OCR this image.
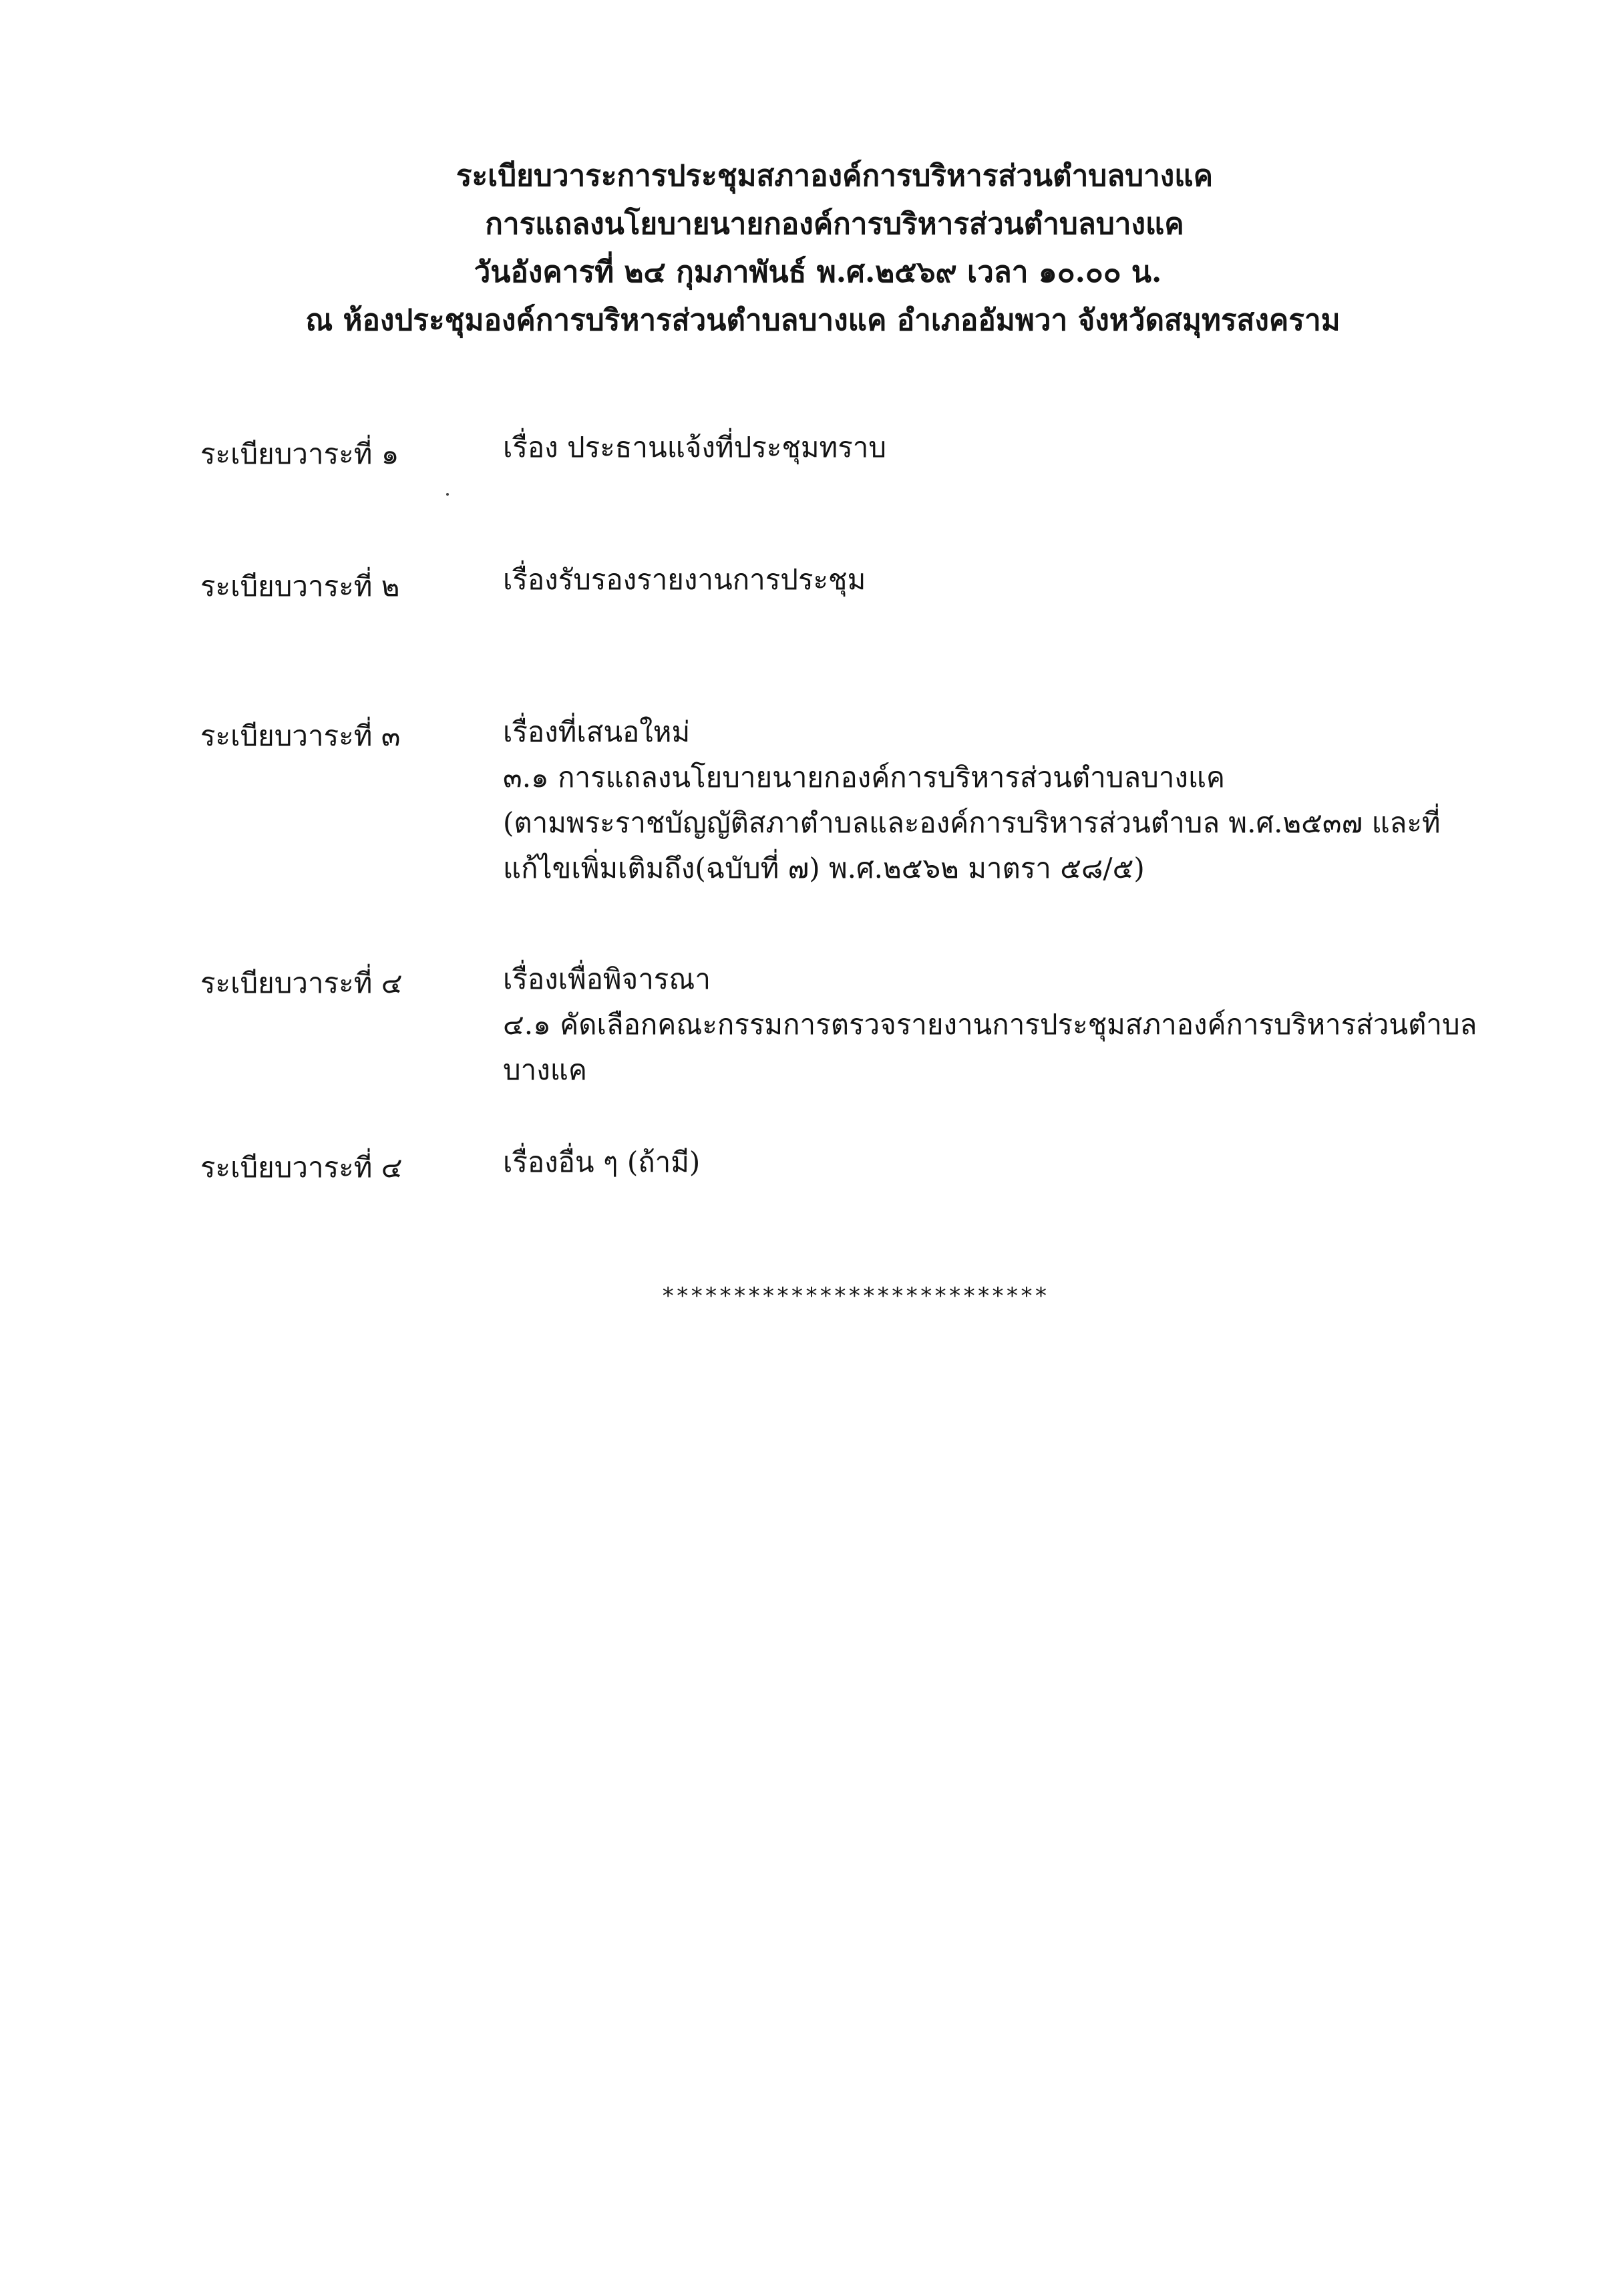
ระเบียบวาระการประชุมสภาองค์การบริหารส่วนตำบลบางแค
การแถลงนโยบายนายกองค์การบริหารส่วนตำบลบางแค
วันอังคารที่ ๒๔ กุมภาพันธ์ พ.ศ.๒๕๖๙ เวลา ๑๐.๐๐ น.
ณ ห้องประชุมองค์การบริหารส่วนตำบลบางแค อำเภออัมพวา จังหวัดสมุทรสงคราม
ระเบียบวาระที่ ๑	เรื่อง ประธานแจ้งที่ประชุมทราบ
ระเบียบวาระที่ ๒	เรื่องรับรองรายงานการประชุม
ระเบียบวาระที่ ๓	เรื่องที่เสนอใหม่
๓.๑ การแถลงนโยบายนายกองค์การบริหารส่วนตำบลบางแค
(ตามพระราชบัญญัติสภาตำบลและองค์การบริหารส่วนตำบล พ.ศ.๒๕๓๗ และที่
แก้ไขเพิ่มเติมถึง(ฉบับที่ ๗) พ.ศ.๒๕๖๒ มาตรา ๕๘/๕)
ระเบียบวาระที่ ๔	เรื่องเพื่อพิจารณา
๔.๑ คัดเลือกคณะกรรมการตรวจรายงานการประชุมสภาองค์การบริหารส่วนตำบล
บางแค
ระเบียบวาระที่ ๔	เรื่องอื่น ๆ (ถ้ามี)
***************************
